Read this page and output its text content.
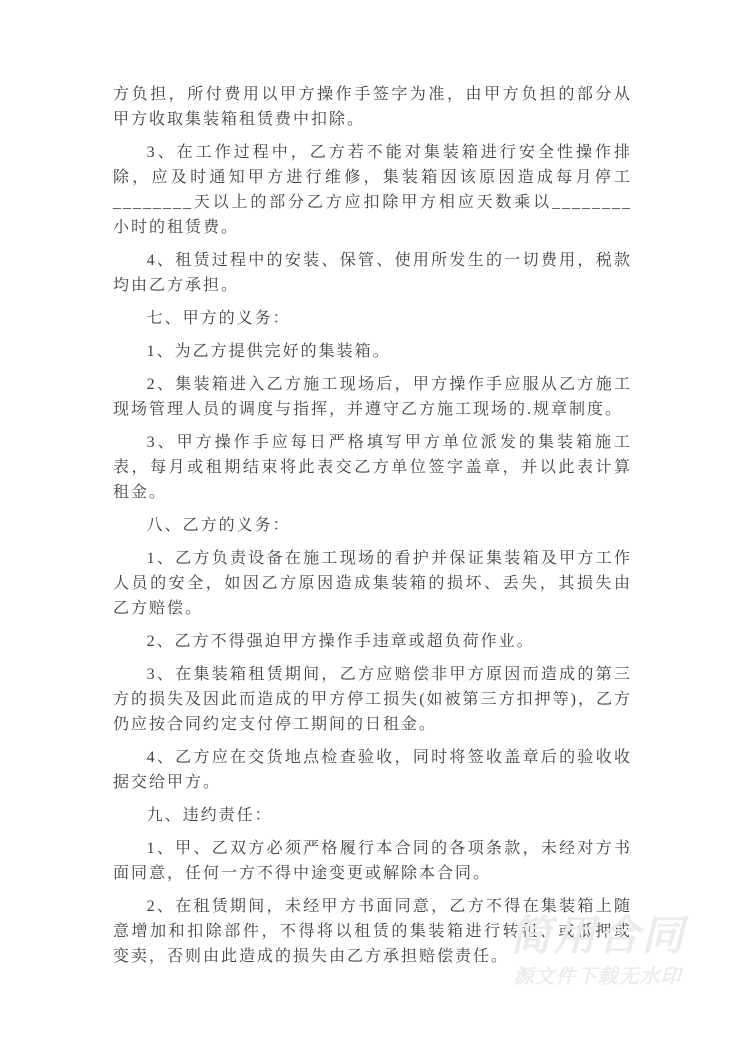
方负担，所付费用以甲方操作手签字为准，由甲方负担的部分从甲方收取集装箱租赁费中扣除。

3、在工作过程中，乙方若不能对集装箱进行安全性操作排除，应及时通知甲方进行维修，集装箱因该原因造成每月停工________天以上的部分乙方应扣除甲方相应天数乘以________小时的租赁费。

4、租赁过程中的安装、保管、使用所发生的一切费用，税款均由乙方承担。

七、甲方的义务：

1、为乙方提供完好的集装箱。

2、集装箱进入乙方施工现场后，甲方操作手应服从乙方施工现场管理人员的调度与指挥，并遵守乙方施工现场的.规章制度。

3、甲方操作手应每日严格填写甲方单位派发的集装箱施工表，每月或租期结束将此表交乙方单位签字盖章，并以此表计算租金。

八、乙方的义务：

1、乙方负责设备在施工现场的看护并保证集装箱及甲方工作人员的安全，如因乙方原因造成集装箱的损坏、丢失，其损失由乙方赔偿。

2、乙方不得强迫甲方操作手违章或超负荷作业。

3、在集装箱租赁期间，乙方应赔偿非甲方原因而造成的第三方的损失及因此而造成的甲方停工损失(如被第三方扣押等)，乙方仍应按合同约定支付停工期间的日租金。

4、乙方应在交货地点检查验收，同时将签收盖章后的验收收据交给甲方。

九、违约责任：

1、甲、乙双方必须严格履行本合同的各项条款，未经对方书面同意，任何一方不得中途变更或解除本合同。

2、在租赁期间，未经甲方书面同意，乙方不得在集装箱上随意增加和扣除部件，不得将以租赁的集装箱进行转租、或抵押或变卖，否则由此造成的损失由乙方承担赔偿责任。 简用合同
源文件下载无水印
